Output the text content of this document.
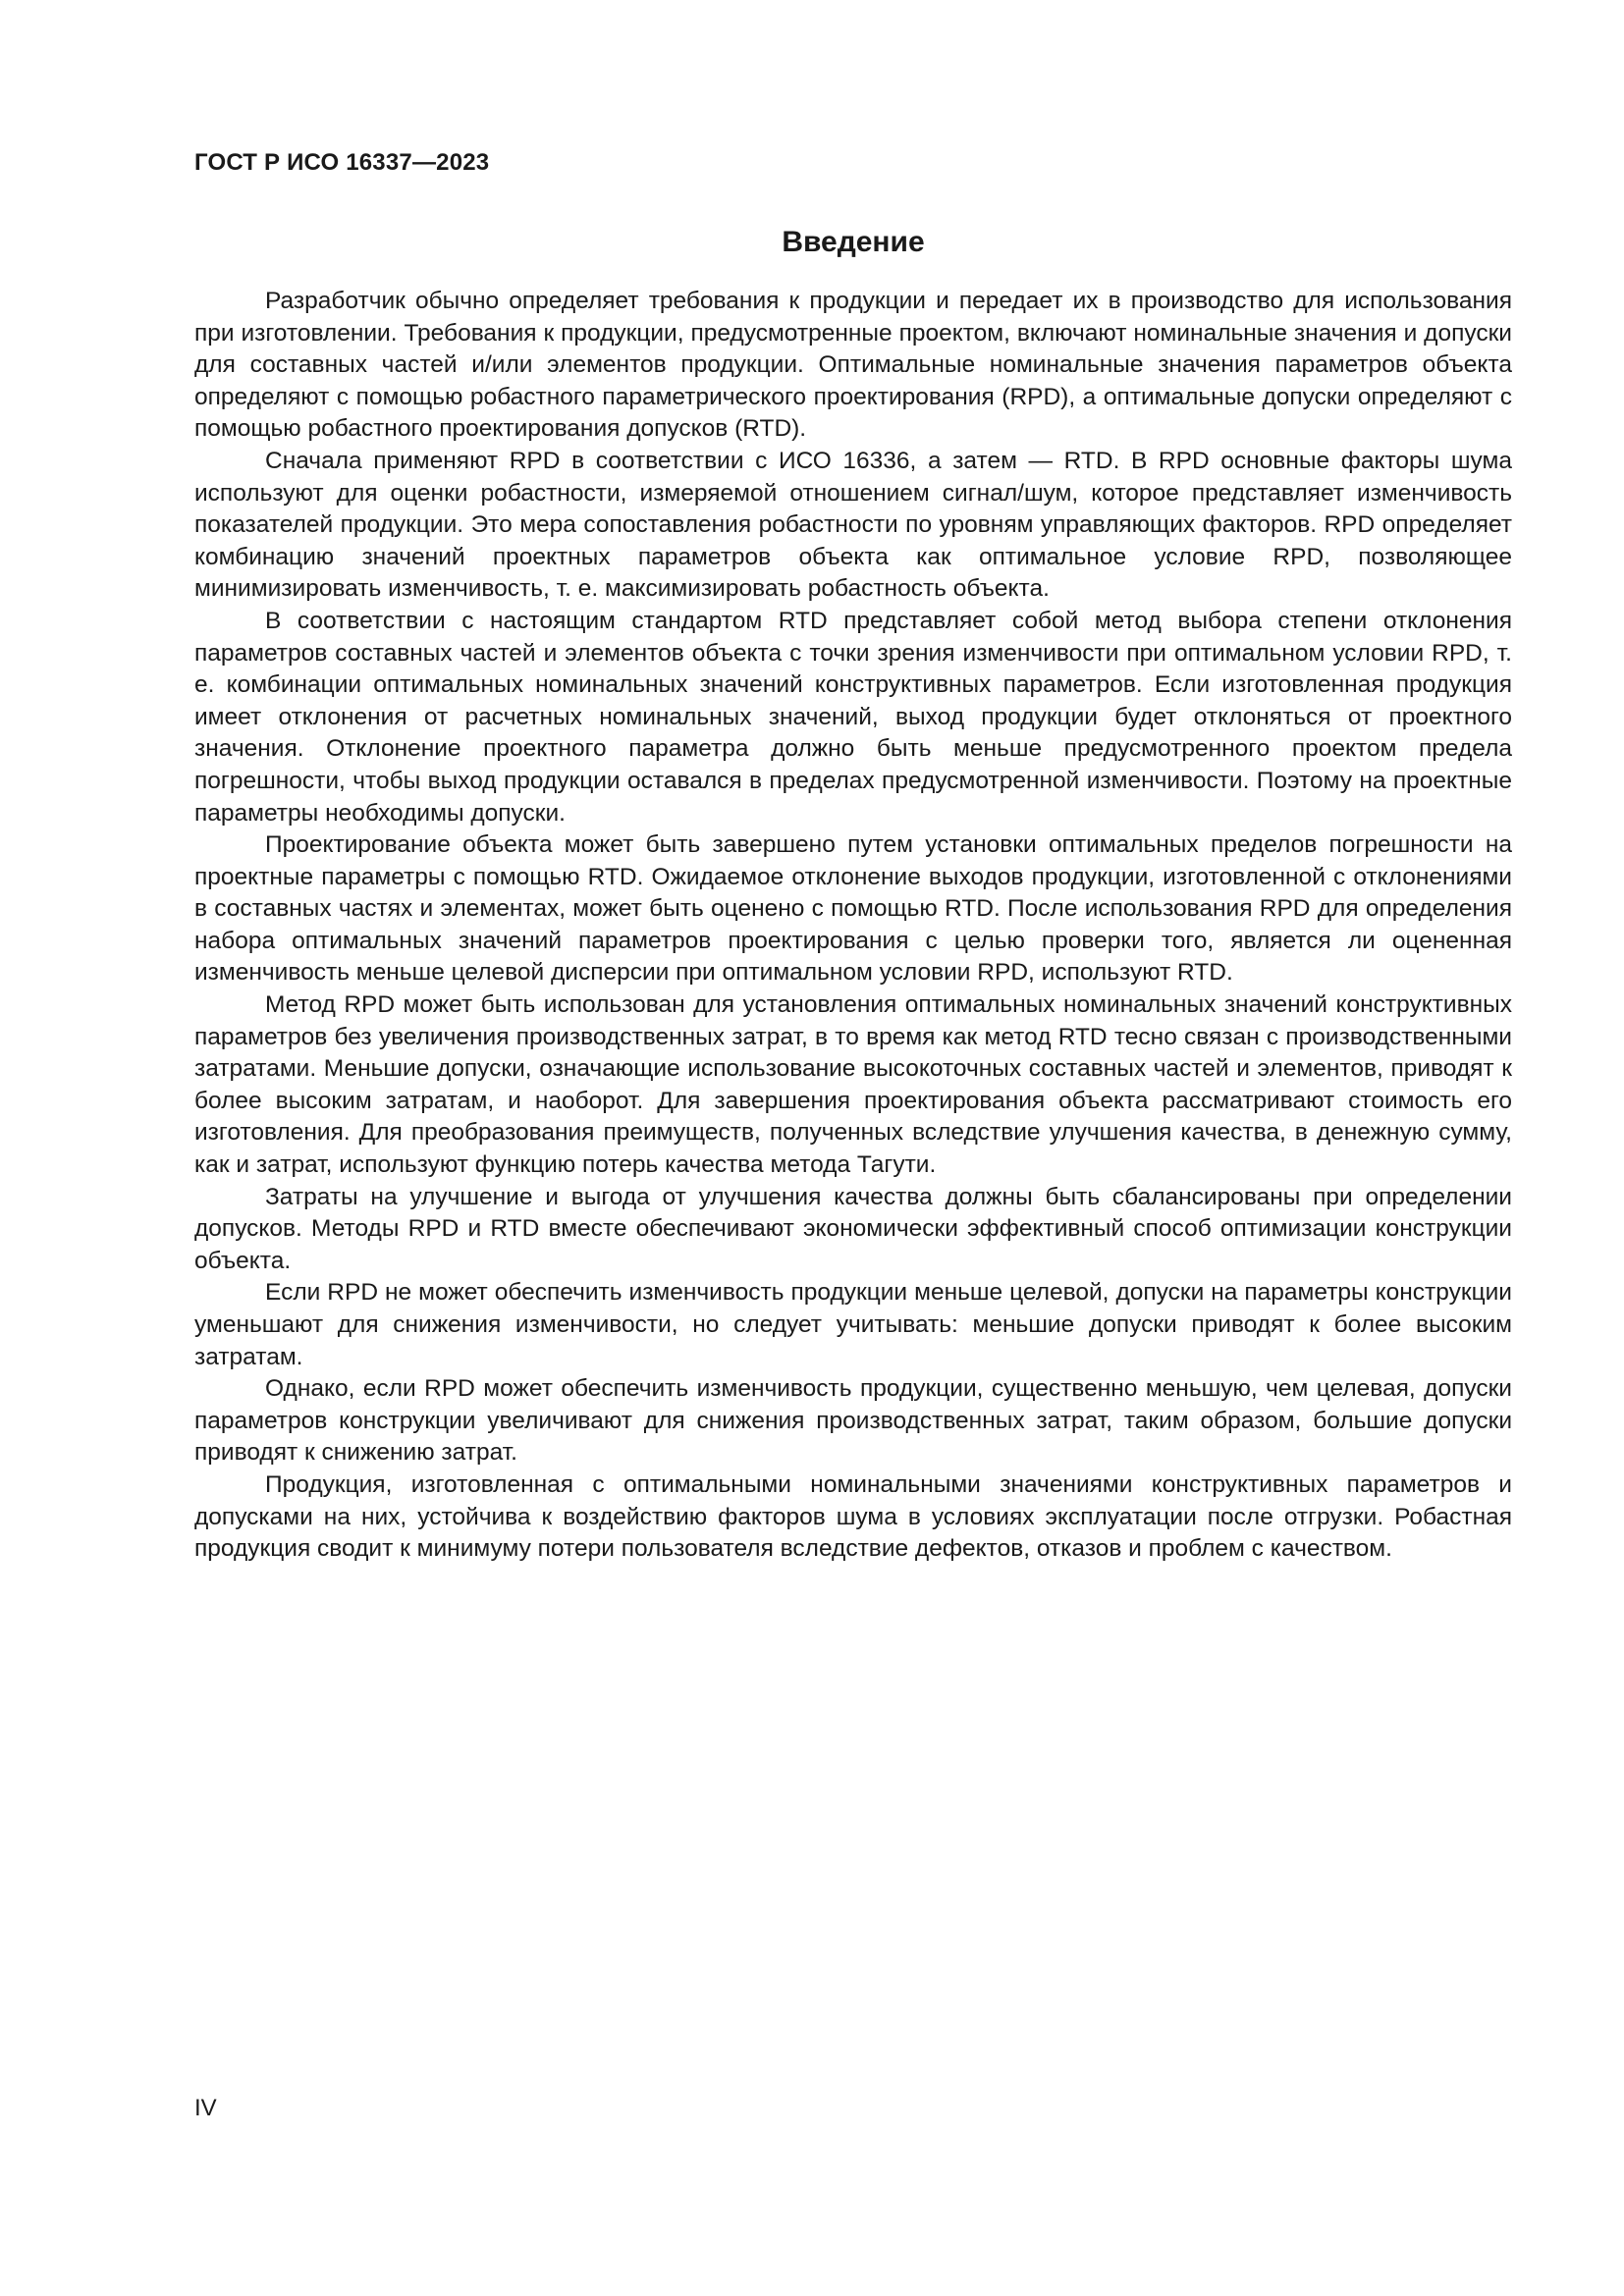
ГОСТ Р ИСО 16337—2023
Введение

Разработчик обычно определяет требования к продукции и передает их в производство для использования при изготовлении. Требования к продукции, предусмотренные проектом, включают номинальные значения и допуски для составных частей и/или элементов продукции. Оптимальные номинальные значения параметров объекта определяют с помощью робастного параметрического проектирования (RPD), а оптимальные допуски определяют с помощью робастного проектирования допусков (RTD).

Сначала применяют RPD в соответствии с ИСО 16336, а затем — RTD. В RPD основные факторы шума используют для оценки робастности, измеряемой отношением сигнал/шум, которое представляет изменчивость показателей продукции. Это мера сопоставления робастности по уровням управляющих факторов. RPD определяет комбинацию значений проектных параметров объекта как оптимальное условие RPD, позволяющее минимизировать изменчивость, т. е. максимизировать робастность объекта.

В соответствии с настоящим стандартом RTD представляет собой метод выбора степени отклонения параметров составных частей и элементов объекта с точки зрения изменчивости при оптимальном условии RPD, т. е. комбинации оптимальных номинальных значений конструктивных параметров. Если изготовленная продукция имеет отклонения от расчетных номинальных значений, выход продукции будет отклоняться от проектного значения. Отклонение проектного параметра должно быть меньше предусмотренного проектом предела погрешности, чтобы выход продукции оставался в пределах предусмотренной изменчивости. Поэтому на проектные параметры необходимы допуски.

Проектирование объекта может быть завершено путем установки оптимальных пределов погрешности на проектные параметры с помощью RTD. Ожидаемое отклонение выходов продукции, изготовленной с отклонениями в составных частях и элементах, может быть оценено с помощью RTD. После использования RPD для определения набора оптимальных значений параметров проектирования с целью проверки того, является ли оцененная изменчивость меньше целевой дисперсии при оптимальном условии RPD, используют RTD.

Метод RPD может быть использован для установления оптимальных номинальных значений конструктивных параметров без увеличения производственных затрат, в то время как метод RTD тесно связан с производственными затратами. Меньшие допуски, означающие использование высокоточных составных частей и элементов, приводят к более высоким затратам, и наоборот. Для завершения проектирования объекта рассматривают стоимость его изготовления. Для преобразования преимуществ, полученных вследствие улучшения качества, в денежную сумму, как и затрат, используют функцию потерь качества метода Тагути.

Затраты на улучшение и выгода от улучшения качества должны быть сбалансированы при определении допусков. Методы RPD и RTD вместе обеспечивают экономически эффективный способ оптимизации конструкции объекта.

Если RPD не может обеспечить изменчивость продукции меньше целевой, допуски на параметры конструкции уменьшают для снижения изменчивости, но следует учитывать: меньшие допуски приводят к более высоким затратам.

Однако, если RPD может обеспечить изменчивость продукции, существенно меньшую, чем целевая, допуски параметров конструкции увеличивают для снижения производственных затрат, таким образом, большие допуски приводят к снижению затрат.

Продукция, изготовленная с оптимальными номинальными значениями конструктивных параметров и допусками на них, устойчива к воздействию факторов шума в условиях эксплуатации после отгрузки. Робастная продукция сводит к минимуму потери пользователя вследствие дефектов, отказов и проблем с качеством.

IV
